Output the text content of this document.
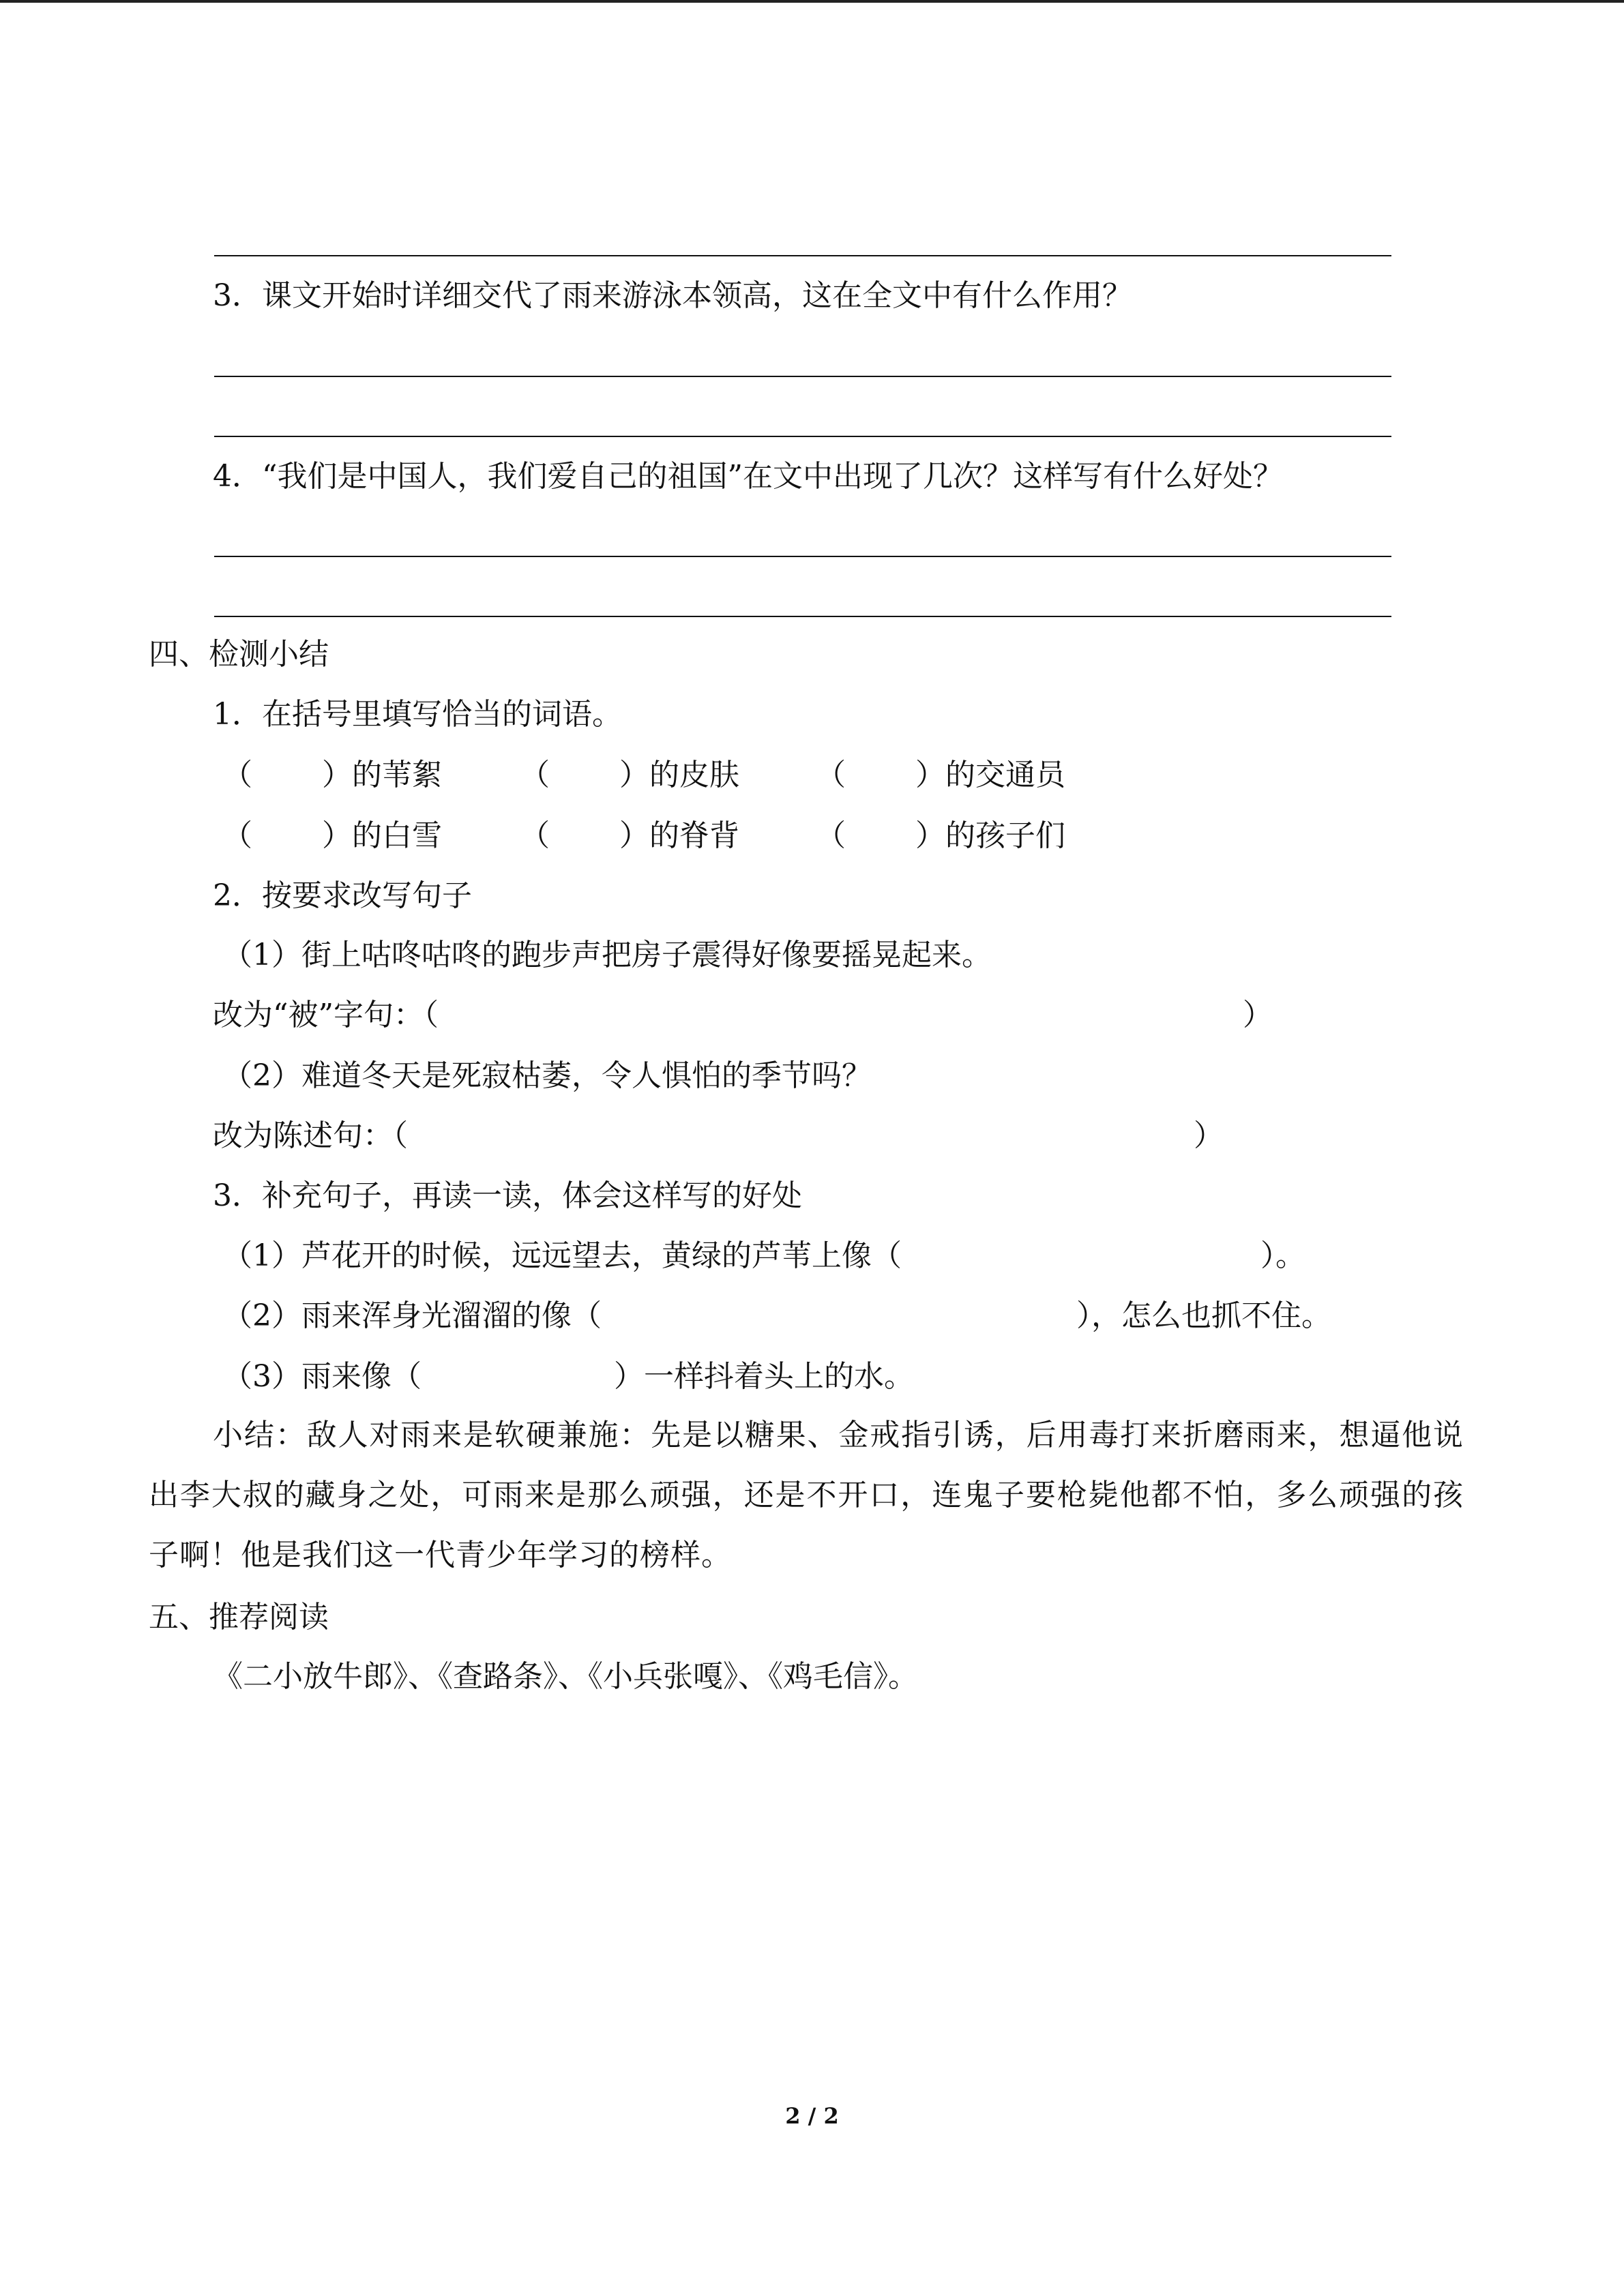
3．课文开始时详细交代了雨来游泳本领高，这在全文中有什么作用？
4．“我们是中国人，我们爱自己的祖国”在文中出现了几次？这样写有什么好处？
四、检测小结
1．在括号里填写恰当的词语。
（　　 ）的苇絮	（　　 ）的皮肤	（　　 ）的交通员
（　　 ）的白雪	（　　 ）的脊背	（　　 ）的孩子们
2．按要求改写句子
（1）街上咕咚咕咚的跑步声把房子震得好像要摇晃起来。
改为“被”字句：（	）
（2）难道冬天是死寂枯萎，令人惧怕的季节吗？
改为陈述句：（	）
3．补充句子，再读一读，体会这样写的好处
（1）芦花开的时候，远远望去，黄绿的芦苇上像（	）。
（2）雨来浑身光溜溜的像（	），怎么也抓不住。
（3）雨来像（	）一样抖着头上的水。
小结：敌人对雨来是软硬兼施：先是以糖果、金戒指引诱，后用毒打来折磨雨来，想逼他说出李大叔的藏身之处，可雨来是那么顽强，还是不开口，连鬼子要枪毙他都不怕，多么顽强的孩子啊！他是我们这一代青少年学习的榜样。
五、推荐阅读
《二小放牛郎》、《查路条》、《小兵张嘎》、《鸡毛信》。
2 / 2
